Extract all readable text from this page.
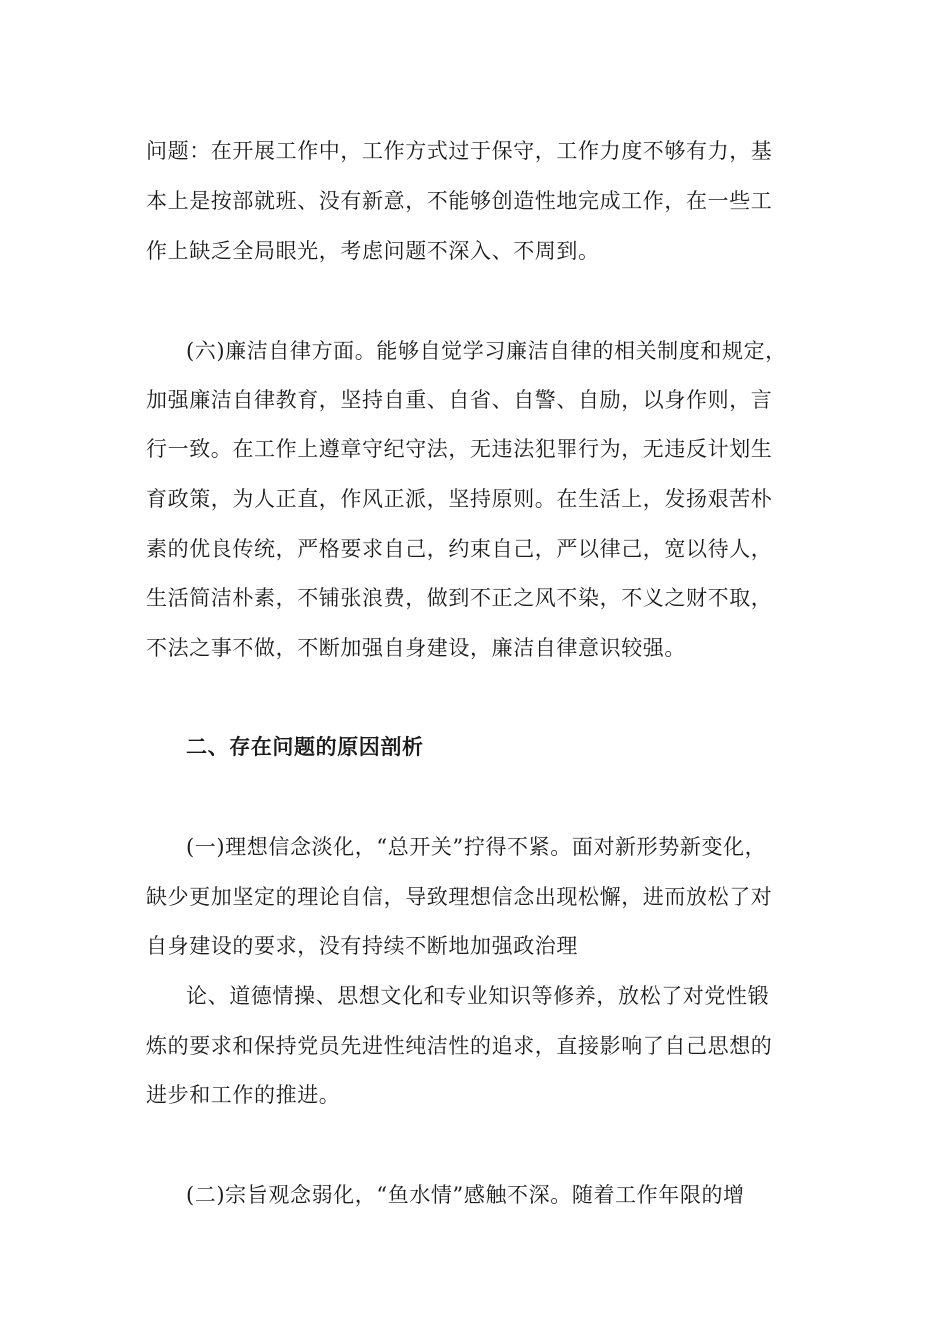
问题：在开展工作中，工作方式过于保守，工作力度不够有力，基
本上是按部就班、没有新意，不能够创造性地完成工作，在一些工
作上缺乏全局眼光，考虑问题不深入、不周到。
(六)廉洁自律方面。能够自觉学习廉洁自律的相关制度和规定，
加强廉洁自律教育，坚持自重、自省、自警、自励，以身作则，言
行一致。在工作上遵章守纪守法，无违法犯罪行为，无违反计划生
育政策，为人正直，作风正派，坚持原则。在生活上，发扬艰苦朴
素的优良传统，严格要求自己，约束自己，严以律己，宽以待人，
生活简洁朴素，不铺张浪费，做到不正之风不染，不义之财不取，
不法之事不做，不断加强自身建设，廉洁自律意识较强。
二、存在问题的原因剖析
(一)理想信念淡化，“总开关”拧得不紧。面对新形势新变化，
缺少更加坚定的理论自信，导致理想信念出现松懈，进而放松了对
自身建设的要求，没有持续不断地加强政治理
论、道德情操、思想文化和专业知识等修养，放松了对党性锻
炼的要求和保持党员先进性纯洁性的追求，直接影响了自己思想的
进步和工作的推进。
(二)宗旨观念弱化，“鱼水情”感触不深。随着工作年限的增
